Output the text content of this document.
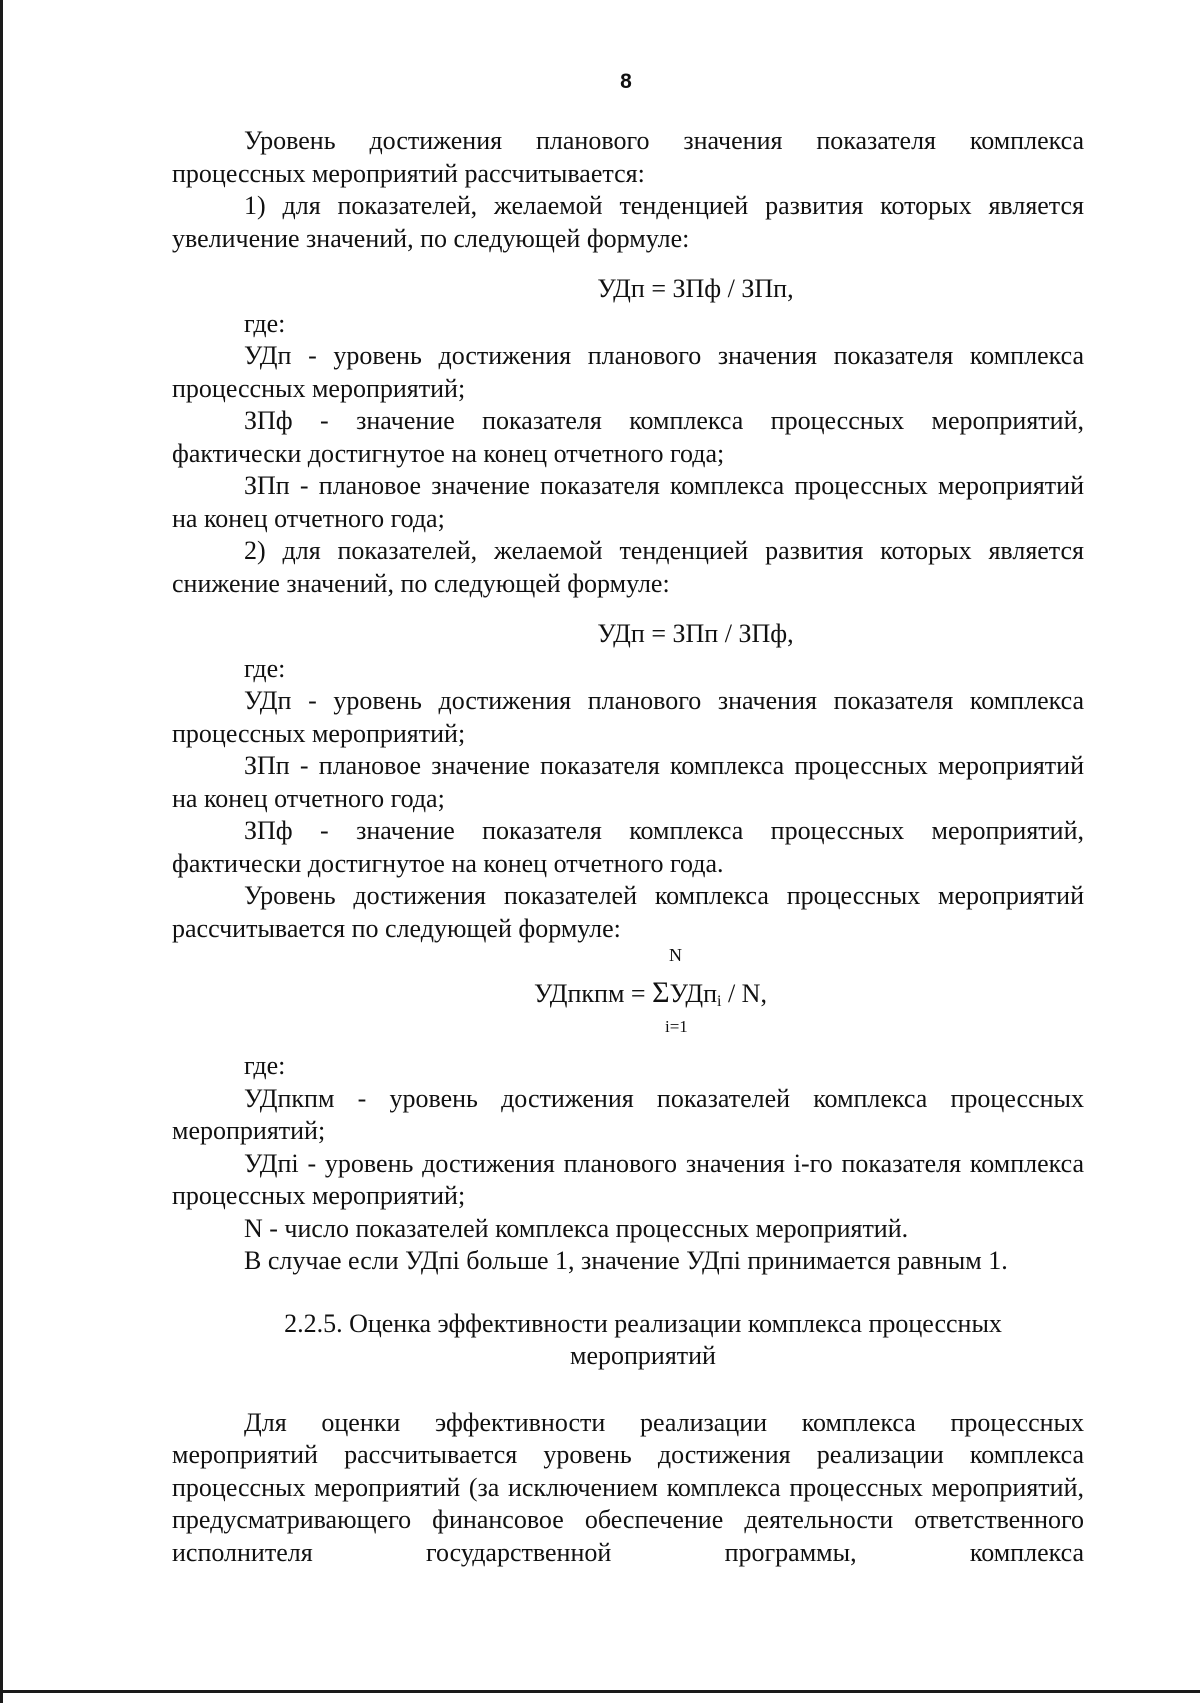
8

Уровень достижения планового значения показателя комплекса процессных мероприятий рассчитывается:

1) для показателей, желаемой тенденцией развития которых является увеличение значений, по следующей формуле:

УДп = ЗПф / ЗПп,

где:

УДп - уровень достижения планового значения показателя комплекса процессных мероприятий;

ЗПф - значение показателя комплекса процессных мероприятий, фактически достигнутое на конец отчетного года;

ЗПп - плановое значение показателя комплекса процессных мероприятий на конец отчетного года;

2) для показателей, желаемой тенденцией развития которых является снижение значений, по следующей формуле:

УДп = ЗПп / ЗПф,

где:

УДп - уровень достижения планового значения показателя комплекса процессных мероприятий;

ЗПп - плановое значение показателя комплекса процессных мероприятий на конец отчетного года;

ЗПф - значение показателя комплекса процессных мероприятий, фактически достигнутое на конец отчетного года.

Уровень достижения показателей комплекса процессных мероприятий рассчитывается по следующей формуле:

N
УДпкпм = ΣУДпi / N,
i=1

где:

УДпкпм - уровень достижения показателей комплекса процессных мероприятий;

УДпi - уровень достижения планового значения i-го показателя комплекса процессных мероприятий;

N - число показателей комплекса процессных мероприятий.

В случае если УДпi больше 1, значение УДпi принимается равным 1.

2.2.5. Оценка эффективности реализации комплекса процессных
мероприятий

Для оценки эффективности реализации комплекса процессных мероприятий рассчитывается уровень достижения реализации комплекса процессных мероприятий (за исключением комплекса процессных мероприятий, предусматривающего финансовое обеспечение деятельности ответственного исполнителя государственной программы, комплекса
